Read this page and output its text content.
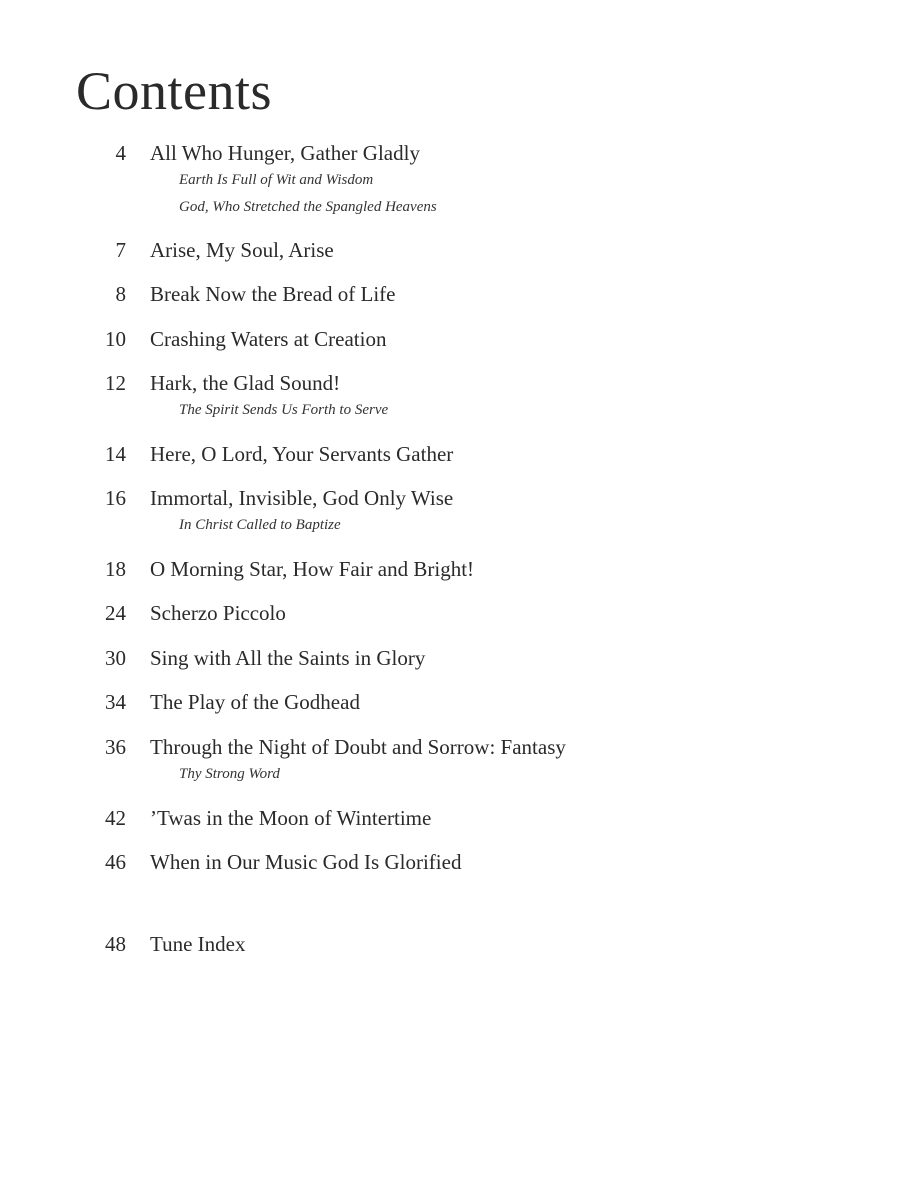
Contents
4 All Who Hunger, Gather Gladly
Earth Is Full of Wit and Wisdom
God, Who Stretched the Spangled Heavens
7 Arise, My Soul, Arise
8 Break Now the Bread of Life
10 Crashing Waters at Creation
12 Hark, the Glad Sound!
The Spirit Sends Us Forth to Serve
14 Here, O Lord, Your Servants Gather
16 Immortal, Invisible, God Only Wise
In Christ Called to Baptize
18 O Morning Star, How Fair and Bright!
24 Scherzo Piccolo
30 Sing with All the Saints in Glory
34 The Play of the Godhead
36 Through the Night of Doubt and Sorrow: Fantasy
Thy Strong Word
42 ’Twas in the Moon of Wintertime
46 When in Our Music God Is Glorified
48 Tune Index
